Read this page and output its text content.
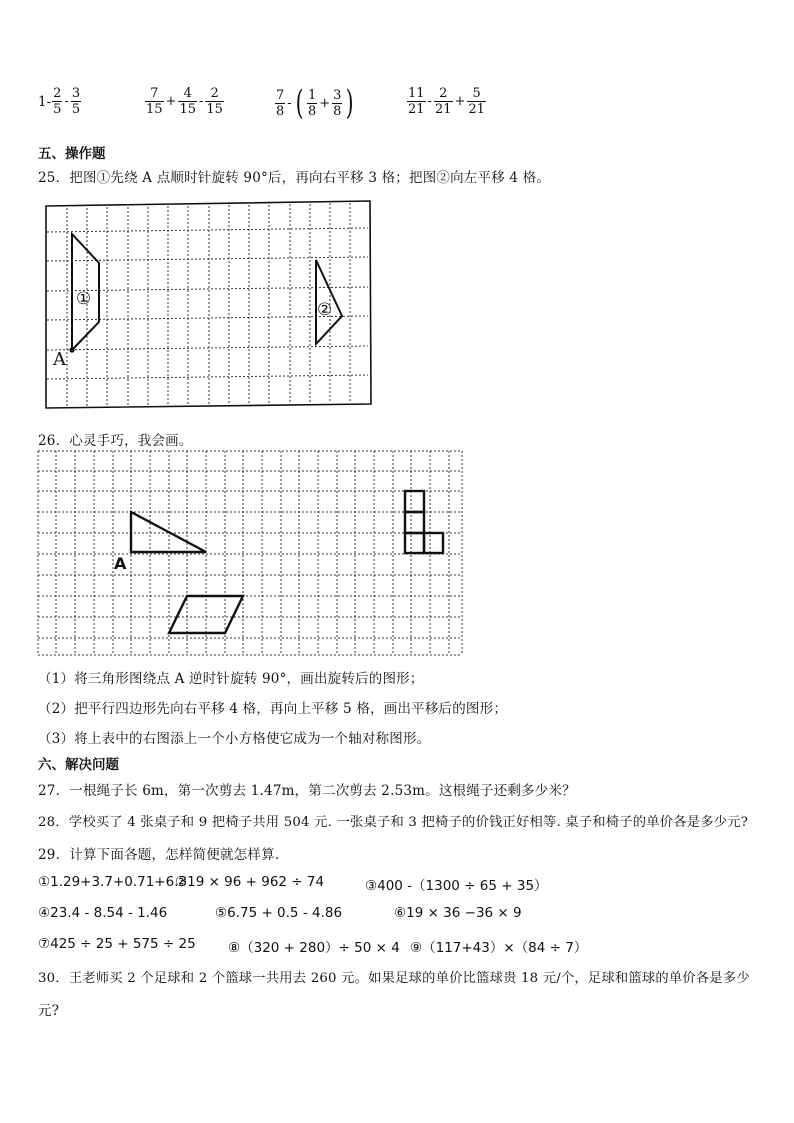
$1- \frac{2}{5} - \frac{3}{5}$	$\frac{7}{15} + \frac{4}{15} - \frac{2}{15}$	$\frac{7}{8}$ - ( $\frac{1}{8} + \frac{3}{8}$ )	$\frac{11}{21} - \frac{2}{21} + \frac{5}{21}$
五、操作题
25．把图①先绕 A 点顺时针旋转 90°后，再向右平移 3 格；把图②向左平移 4 格。
①
②
A
26．心灵手巧，我会画。
A
（1）将三角形图绕点 A 逆时针旋转 90°，画出旋转后的图形；
（2）把平行四边形先向右平移 4 格，再向上平移 5 格，画出平移后的图形；
（3）将上表中的右图添上一个小方格使它成为一个轴对称图形。
六、解决问题
27．一根绳子长 6m，第一次剪去 1.47m，第二次剪去 2.53m。这根绳子还剩多少米？
28．学校买了 4 张桌子和 9 把椅子共用 504 元. 一张桌子和 3 把椅子的价钱正好相等. 桌子和椅子的单价各是多少元?
29．计算下面各题，怎样简便就怎样算.
①1.29+3.7+0.71+6.3
②19 × 96 + 962 ÷ 74	③400 -（1300 ÷ 65 + 35）
④23.4 - 8.54 - 1.46	⑤6.75 + 0.5 - 4.86	⑥19 × 36 −36 × 9
⑦425 ÷ 25 + 575 ÷ 25 ⑧（320 + 280）÷ 50 × 4 ⑨（117+43）×（84 ÷ 7）
30．王老师买 2 个足球和 2 个篮球一共用去 260 元。如果足球的单价比篮球贵 18 元/个，足球和篮球的单价各是多少
元?
